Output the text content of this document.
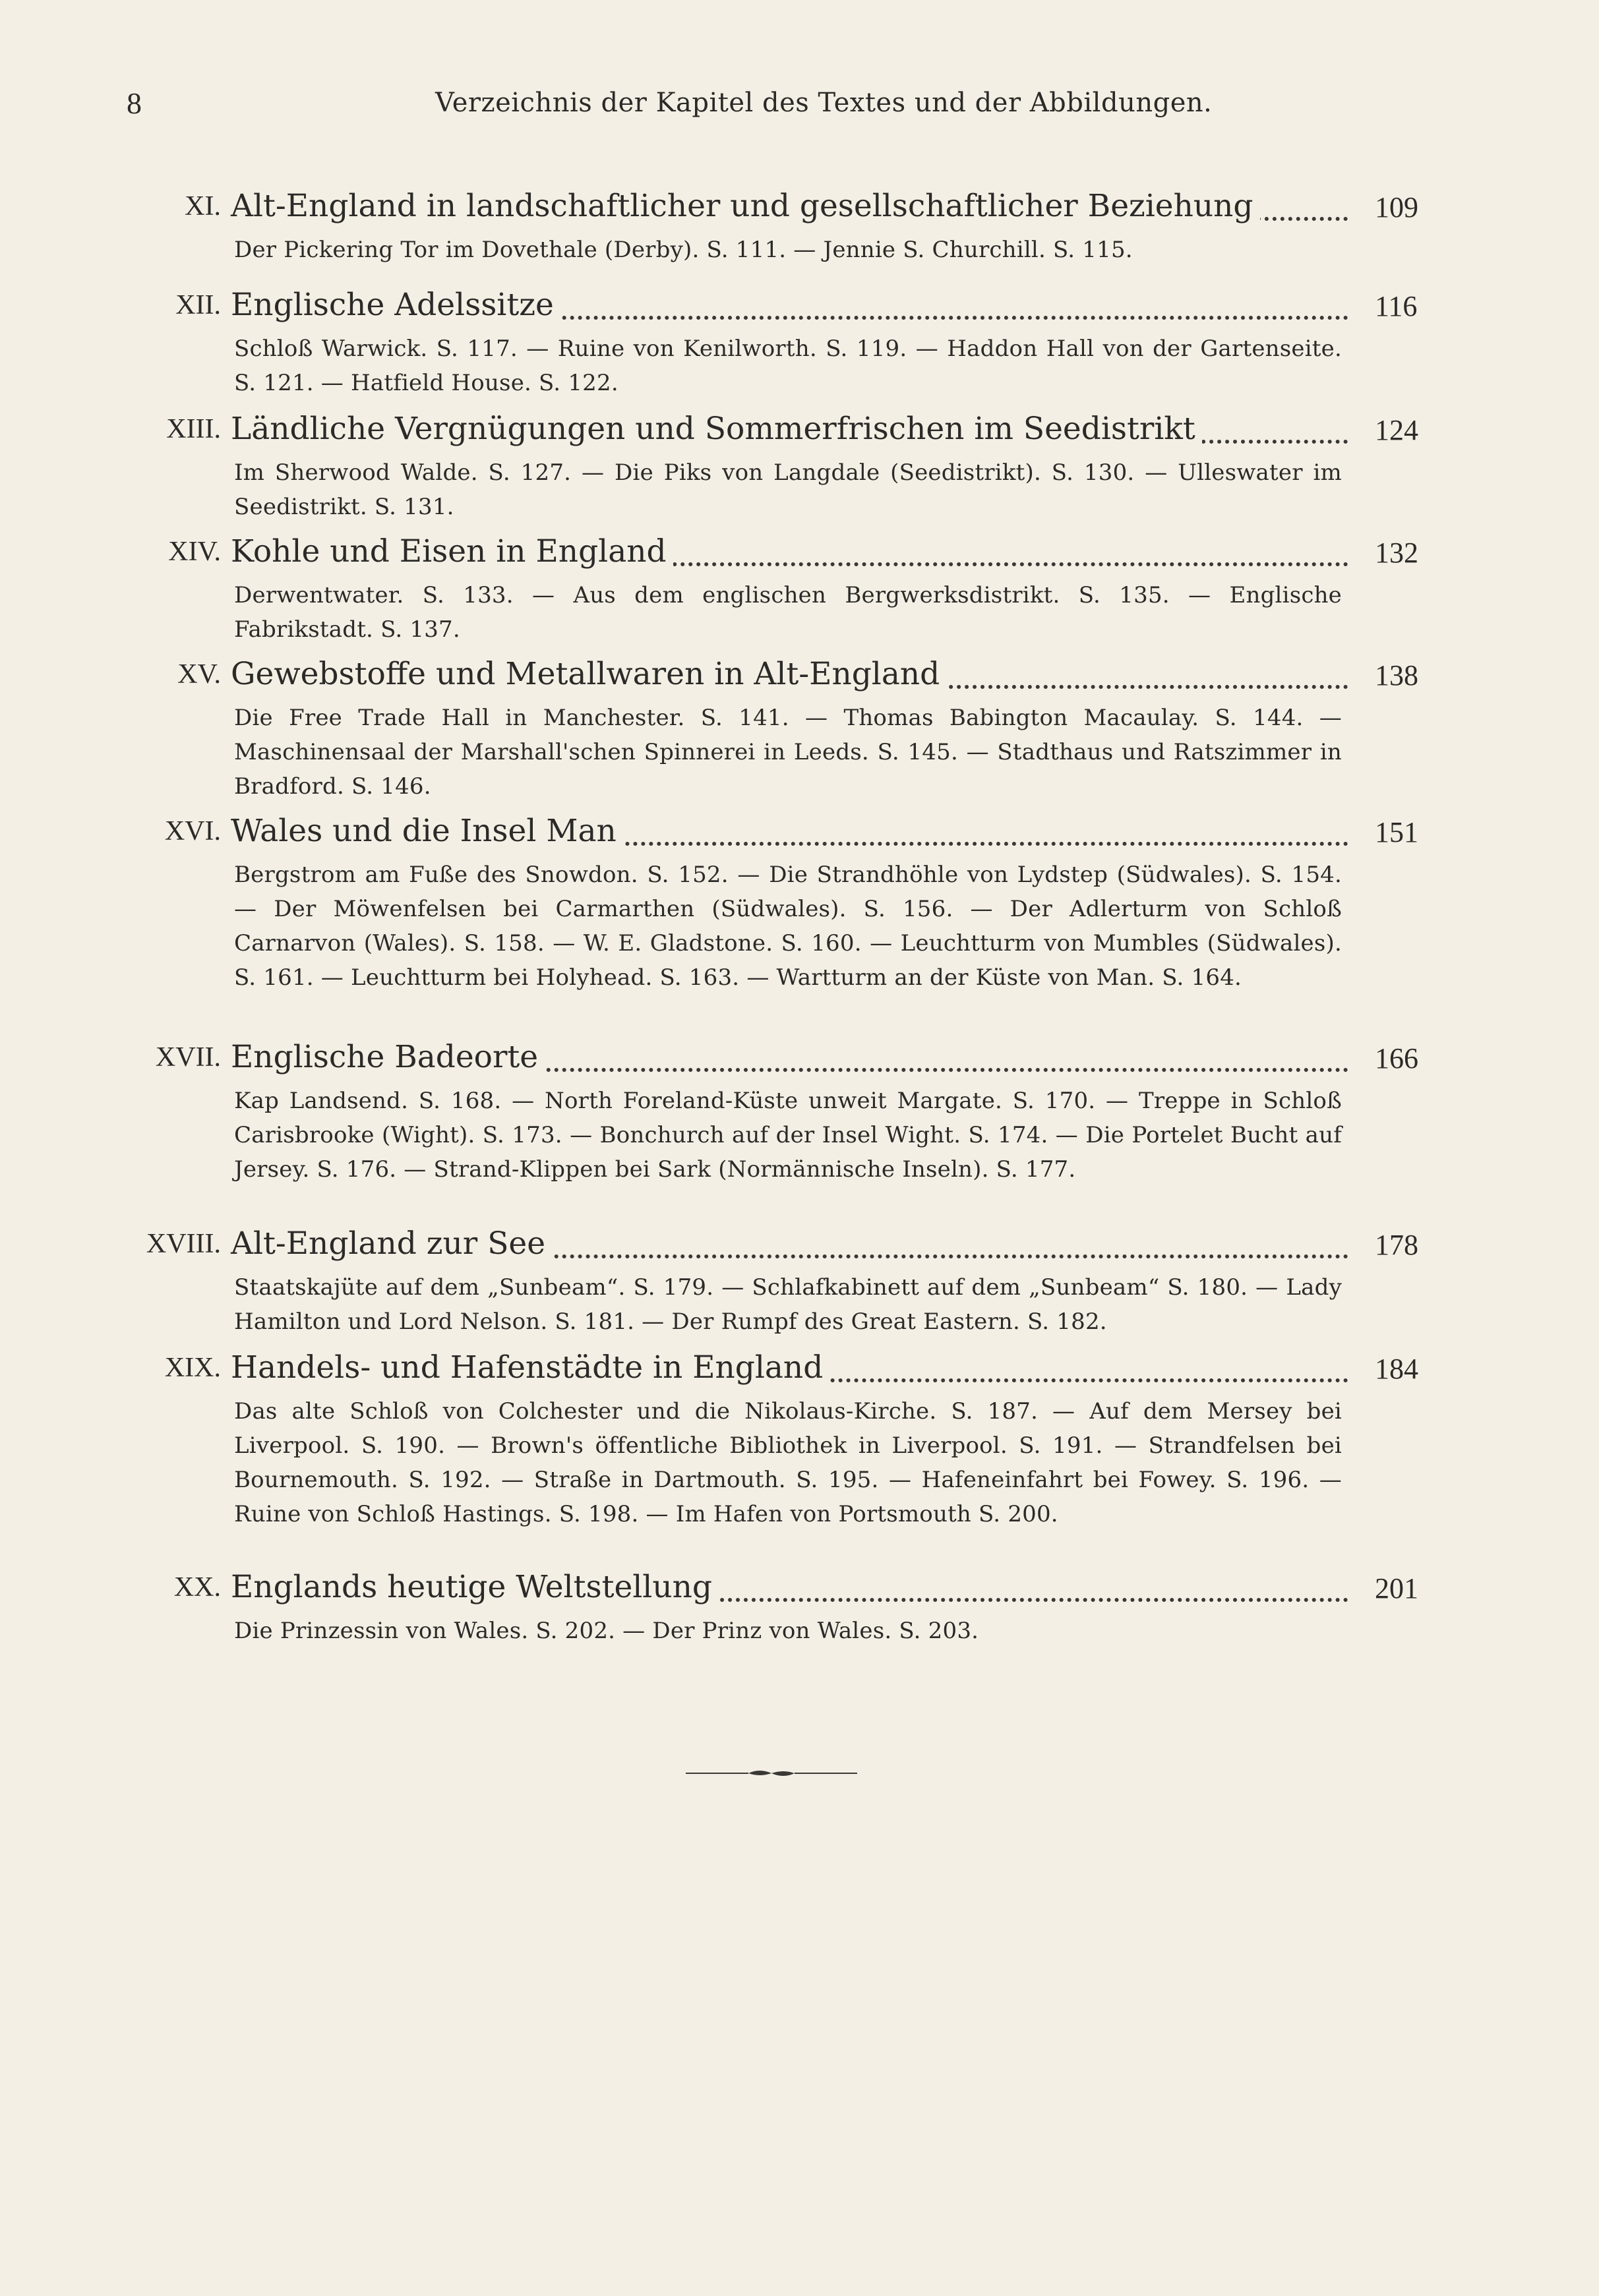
8	Verzeichnis der Kapitel des Textes und der Abbildungen.
XI. Alt-England in landschaftlicher und gesellschaftlicher Beziehung	109
Der Pickering Tor im Dovethale (Derby). S. 111. — Jennie S. Churchill. S. 115.
XII. Englische Adelssitze	116
Schloß Warwick. S. 117. — Ruine von Kenilworth. S. 119. — Haddon Hall von der Gartenseite. S. 121. — Hatfield House. S. 122.
XIII. Ländliche Vergnügungen und Sommerfrischen im Seedistrikt	124
Im Sherwood Walde. S. 127. — Die Piks von Langdale (Seedistrikt). S. 130. — Ulleswater im Seedistrikt. S. 131.
XIV. Kohle und Eisen in England	132
Derwentwater. S. 133. — Aus dem englischen Bergwerksdistrikt. S. 135. — Englische Fabrikstadt. S. 137.
XV. Gewebstoffe und Metallwaren in Alt-England	138
Die Free Trade Hall in Manchester. S. 141. — Thomas Babington Macaulay. S. 144. — Maschinensaal der Marshall'schen Spinnerei in Leeds. S. 145. — Stadthaus und Ratszimmer in Bradford. S. 146.
XVI. Wales und die Insel Man	151
Bergstrom am Fuße des Snowdon. S. 152. — Die Strandhöhle von Lydstep (Südwales). S. 154. — Der Möwenfelsen bei Carmarthen (Südwales). S. 156. — Der Adlerturm von Schloß Carnarvon (Wales). S. 158. — W. E. Gladstone. S. 160. — Leuchtturm von Mumbles (Südwales). S. 161. — Leuchtturm bei Holyhead. S. 163. — Wartturm an der Küste von Man. S. 164.
XVII. Englische Badeorte	166
Kap Landsend. S. 168. — North Foreland-Küste unweit Margate. S. 170. — Treppe in Schloß Carisbrooke (Wight). S. 173. — Bonchurch auf der Insel Wight. S. 174. — Die Portelet Bucht auf Jersey. S. 176. — Strand-Klippen bei Sark (Normännische Inseln). S. 177.
XVIII. Alt-England zur See	178
Staatskajüte auf dem „Sunbeam“. S. 179. — Schlafkabinett auf dem „Sunbeam“ S. 180. — Lady Hamilton und Lord Nelson. S. 181. — Der Rumpf des Great Eastern. S. 182.
XIX. Handels- und Hafenstädte in England	184
Das alte Schloß von Colchester und die Nikolaus-Kirche. S. 187. — Auf dem Mersey bei Liverpool. S. 190. — Brown's öffentliche Bibliothek in Liverpool. S. 191. — Strandfelsen bei Bournemouth. S. 192. — Straße in Dartmouth. S. 195. — Hafeneinfahrt bei Fowey. S. 196. — Ruine von Schloß Hastings. S. 198. — Im Hafen von Portsmouth S. 200.
XX. Englands heutige Weltstellung	201
Die Prinzessin von Wales. S. 202. — Der Prinz von Wales. S. 203.
